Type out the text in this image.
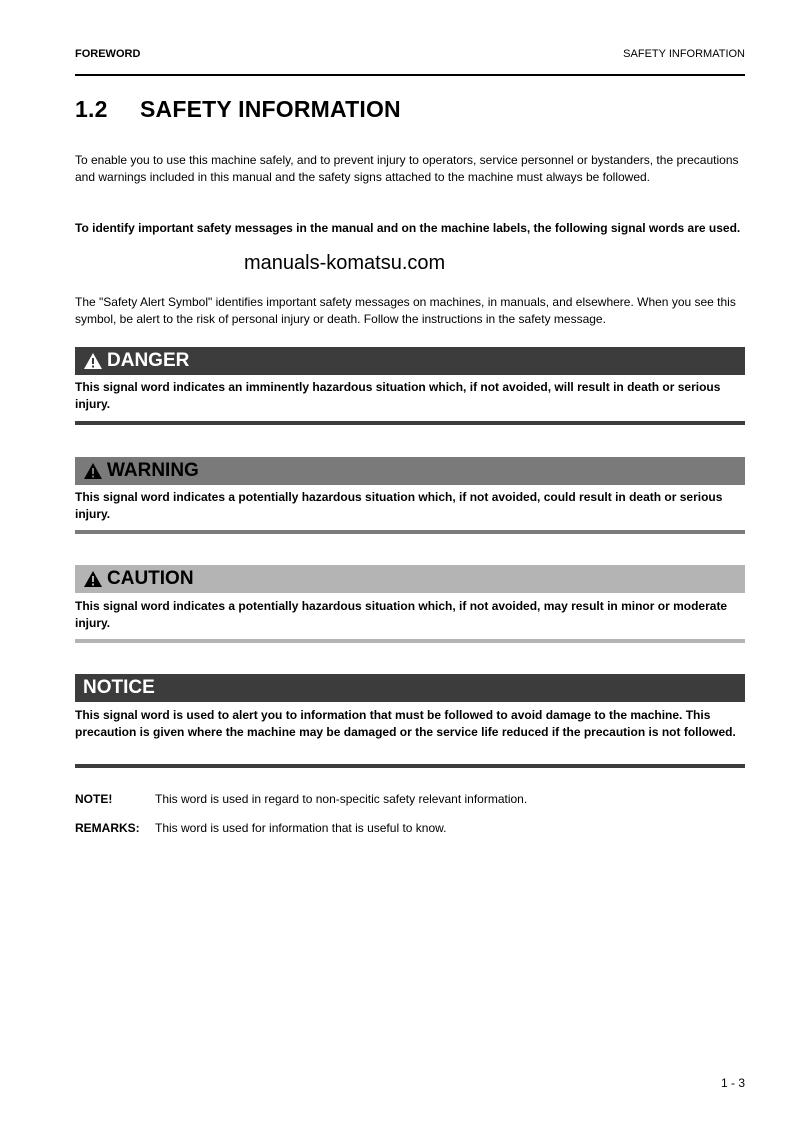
FOREWORD	SAFETY INFORMATION
1.2 SAFETY INFORMATION
To enable you to use this machine safely, and to prevent injury to operators, service personnel or bystanders, the precautions and warnings included in this manual and the safety signs attached to the machine must always be followed.
To identify important safety messages in the manual and on the machine labels, the following signal words are used.
manuals-komatsu.com
The "Safety Alert Symbol" identifies important safety messages on machines, in manuals, and elsewhere. When you see this symbol, be alert to the risk of personal injury or death. Follow the instructions in the safety message.
DANGER
This signal word indicates an imminently hazardous situation which, if not avoided, will result in death or serious injury.
WARNING
This signal word indicates a potentially hazardous situation which, if not avoided, could result in death or serious injury.
CAUTION
This signal word indicates a potentially hazardous situation which, if not avoided, may result in minor or moderate injury.
NOTICE
This signal word is used to alert you to information that must be followed to avoid damage to the machine. This precaution is given where the machine may be damaged or the service life reduced if the precaution is not followed.
NOTE!	This word is used in regard to non-specitic safety relevant information.
REMARKS: This word is used for information that is useful to know.
1 - 3
